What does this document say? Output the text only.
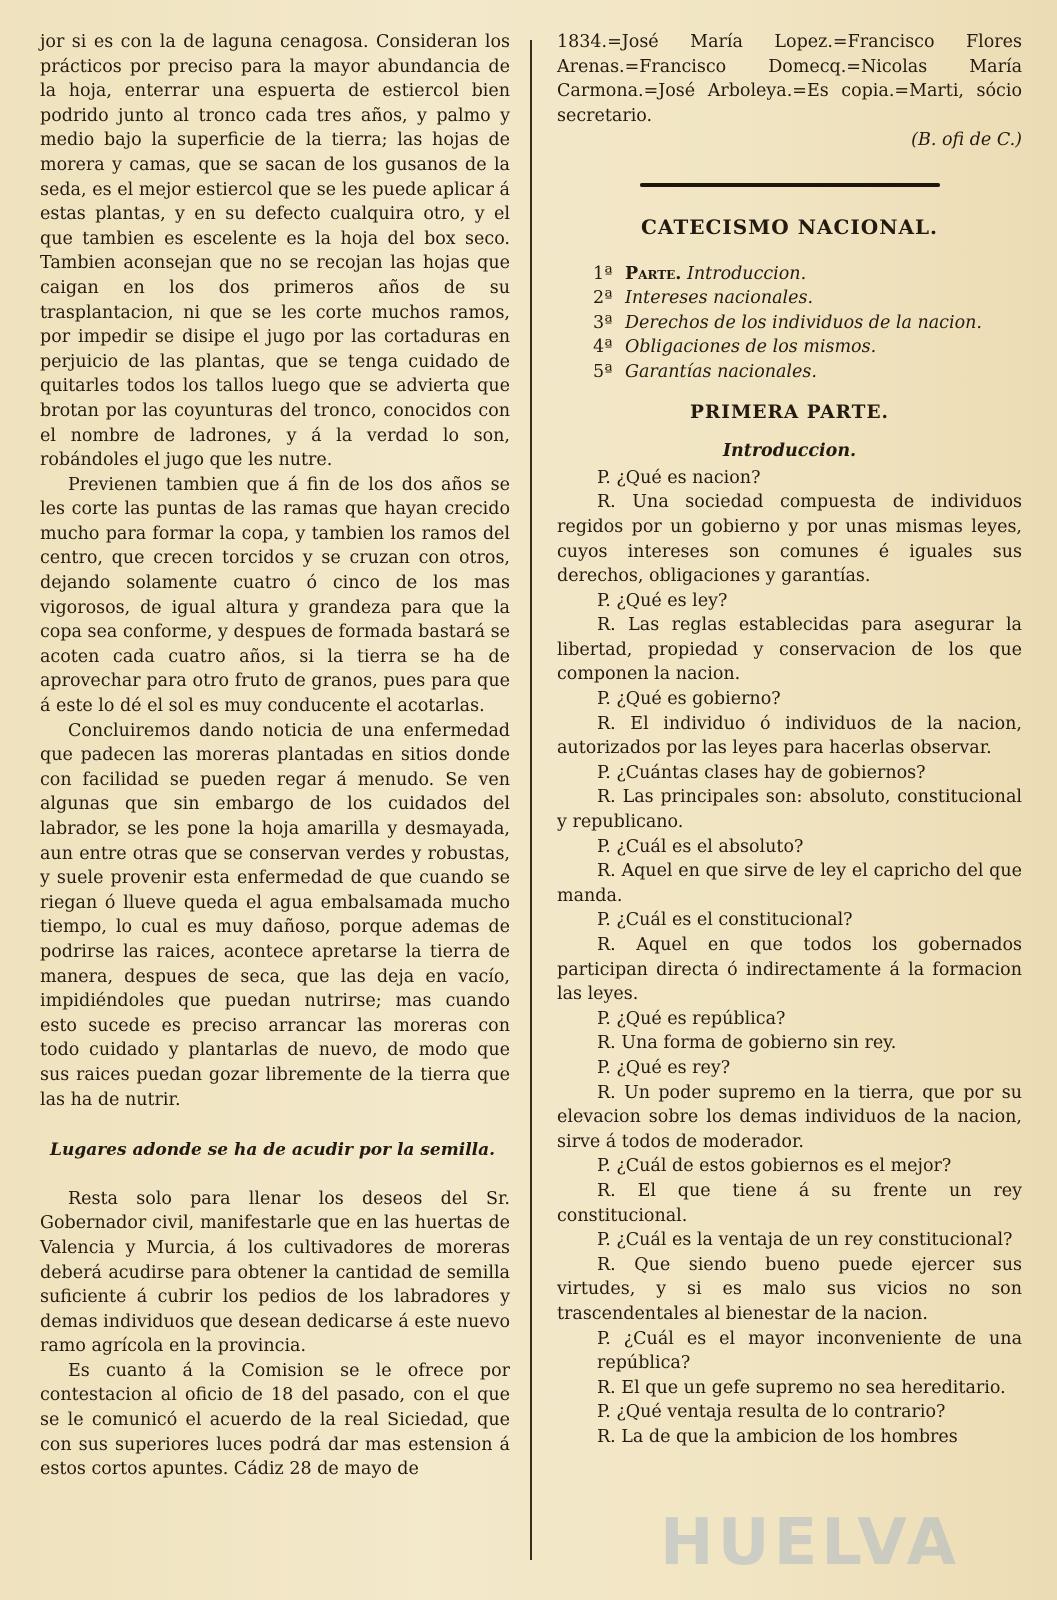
jor si es con la de laguna cenagosa. Consideran los prácticos por preciso para la mayor abundancia de la hoja, enterrar una espuerta de estiercol bien podrido junto al tronco cada tres años, y palmo y medio bajo la superficie de la tierra; las hojas de morera y camas, que se sacan de los gusanos de la seda, es el mejor estiercol que se les puede aplicar á estas plantas, y en su defecto cualquira otro, y el que tambien es escelente es la hoja del box seco. Tambien aconsejan que no se recojan las hojas que caigan en los dos primeros años de su trasplantacion, ni que se les corte muchos ramos, por impedir se disipe el jugo por las cortaduras en perjuicio de las plantas, que se tenga cuidado de quitarles todos los tallos luego que se advierta que brotan por las coyunturas del tronco, conocidos con el nombre de ladrones, y á la verdad lo son, robándoles el jugo que les nutre.

Previenen tambien que á fin de los dos años se les corte las puntas de las ramas que hayan crecido mucho para formar la copa, y tambien los ramos del centro, que crecen torcidos y se cruzan con otros, dejando solamente cuatro ó cinco de los mas vigorosos, de igual altura y grandeza para que la copa sea conforme, y despues de formada bastará se acoten cada cuatro años, si la tierra se ha de aprovechar para otro fruto de granos, pues para que á este lo dé el sol es muy conducente el acotarlas.

Concluiremos dando noticia de una enfermedad que padecen las moreras plantadas en sitios donde con facilidad se pueden regar á menudo. Se ven algunas que sin embargo de los cuidados del labrador, se les pone la hoja amarilla y desmayada, aun entre otras que se conservan verdes y robustas, y suele provenir esta enfermedad de que cuando se riegan ó llueve queda el agua embalsamada mucho tiempo, lo cual es muy dañoso, porque ademas de podrirse las raices, acontece apretarse la tierra de manera, despues de seca, que las deja en vacío, impidiéndoles que puedan nutrirse; mas cuando esto sucede es preciso arrancar las moreras con todo cuidado y plantarlas de nuevo, de modo que sus raices puedan gozar libremente de la tierra que las ha de nutrir.

Lugares adonde se ha de acudir por la semilla.

Resta solo para llenar los deseos del Sr. Gobernador civil, manifestarle que en las huertas de Valencia y Murcia, á los cultivadores de moreras deberá acudirse para obtener la cantidad de semilla suficiente á cubrir los pedios de los labradores y demas individuos que desean dedicarse á este nuevo ramo agrícola en la provincia.

Es cuanto á la Comision se le ofrece por contestacion al oficio de 18 del pasado, con el que se le comunicó el acuerdo de la real Siciedad, que con sus superiores luces podrá dar mas estension á estos cortos apuntes. Cádiz 28 de mayo de

1834.=José María Lopez.=Francisco Flores Arenas.=Francisco Domecq.=Nicolas María Carmona.=José Arboleya.=Es copia.=Marti, sócio secretario.

(B. ofi de C.)

CATECISMO NACIONAL.
1ª Parte. Introduccion.
2ª Intereses nacionales.
3ª Derechos de los individuos de la nacion.
4ª Obligaciones de los mismos.
5ª Garantías nacionales.
PRIMERA PARTE.
Introduccion.

P. ¿Qué es nacion?

R. Una sociedad compuesta de individuos regidos por un gobierno y por unas mismas leyes, cuyos intereses son comunes é iguales sus derechos, obligaciones y garantías.

P. ¿Qué es ley?

R. Las reglas establecidas para asegurar la libertad, propiedad y conservacion de los que componen la nacion.

P. ¿Qué es gobierno?

R. El individuo ó individuos de la nacion, autorizados por las leyes para hacerlas observar.

P. ¿Cuántas clases hay de gobiernos?

R. Las principales son: absoluto, constitucional y republicano.

P. ¿Cuál es el absoluto?

R. Aquel en que sirve de ley el capricho del que manda.

P. ¿Cuál es el constitucional?

R. Aquel en que todos los gobernados participan directa ó indirectamente á la formacion las leyes.

P. ¿Qué es república?

R. Una forma de gobierno sin rey.

P. ¿Qué es rey?

R. Un poder supremo en la tierra, que por su elevacion sobre los demas individuos de la nacion, sirve á todos de moderador.

P. ¿Cuál de estos gobiernos es el mejor?

R. El que tiene á su frente un rey constitucional.

P. ¿Cuál es la ventaja de un rey constitucional?

R. Que siendo bueno puede ejercer sus virtudes, y si es malo sus vicios no son trascendentales al bienestar de la nacion.

P. ¿Cuál es el mayor inconveniente de una república?

R. El que un gefe supremo no sea hereditario.

P. ¿Qué ventaja resulta de lo contrario?

R. La de que la ambicion de los hombres

HUELVA
